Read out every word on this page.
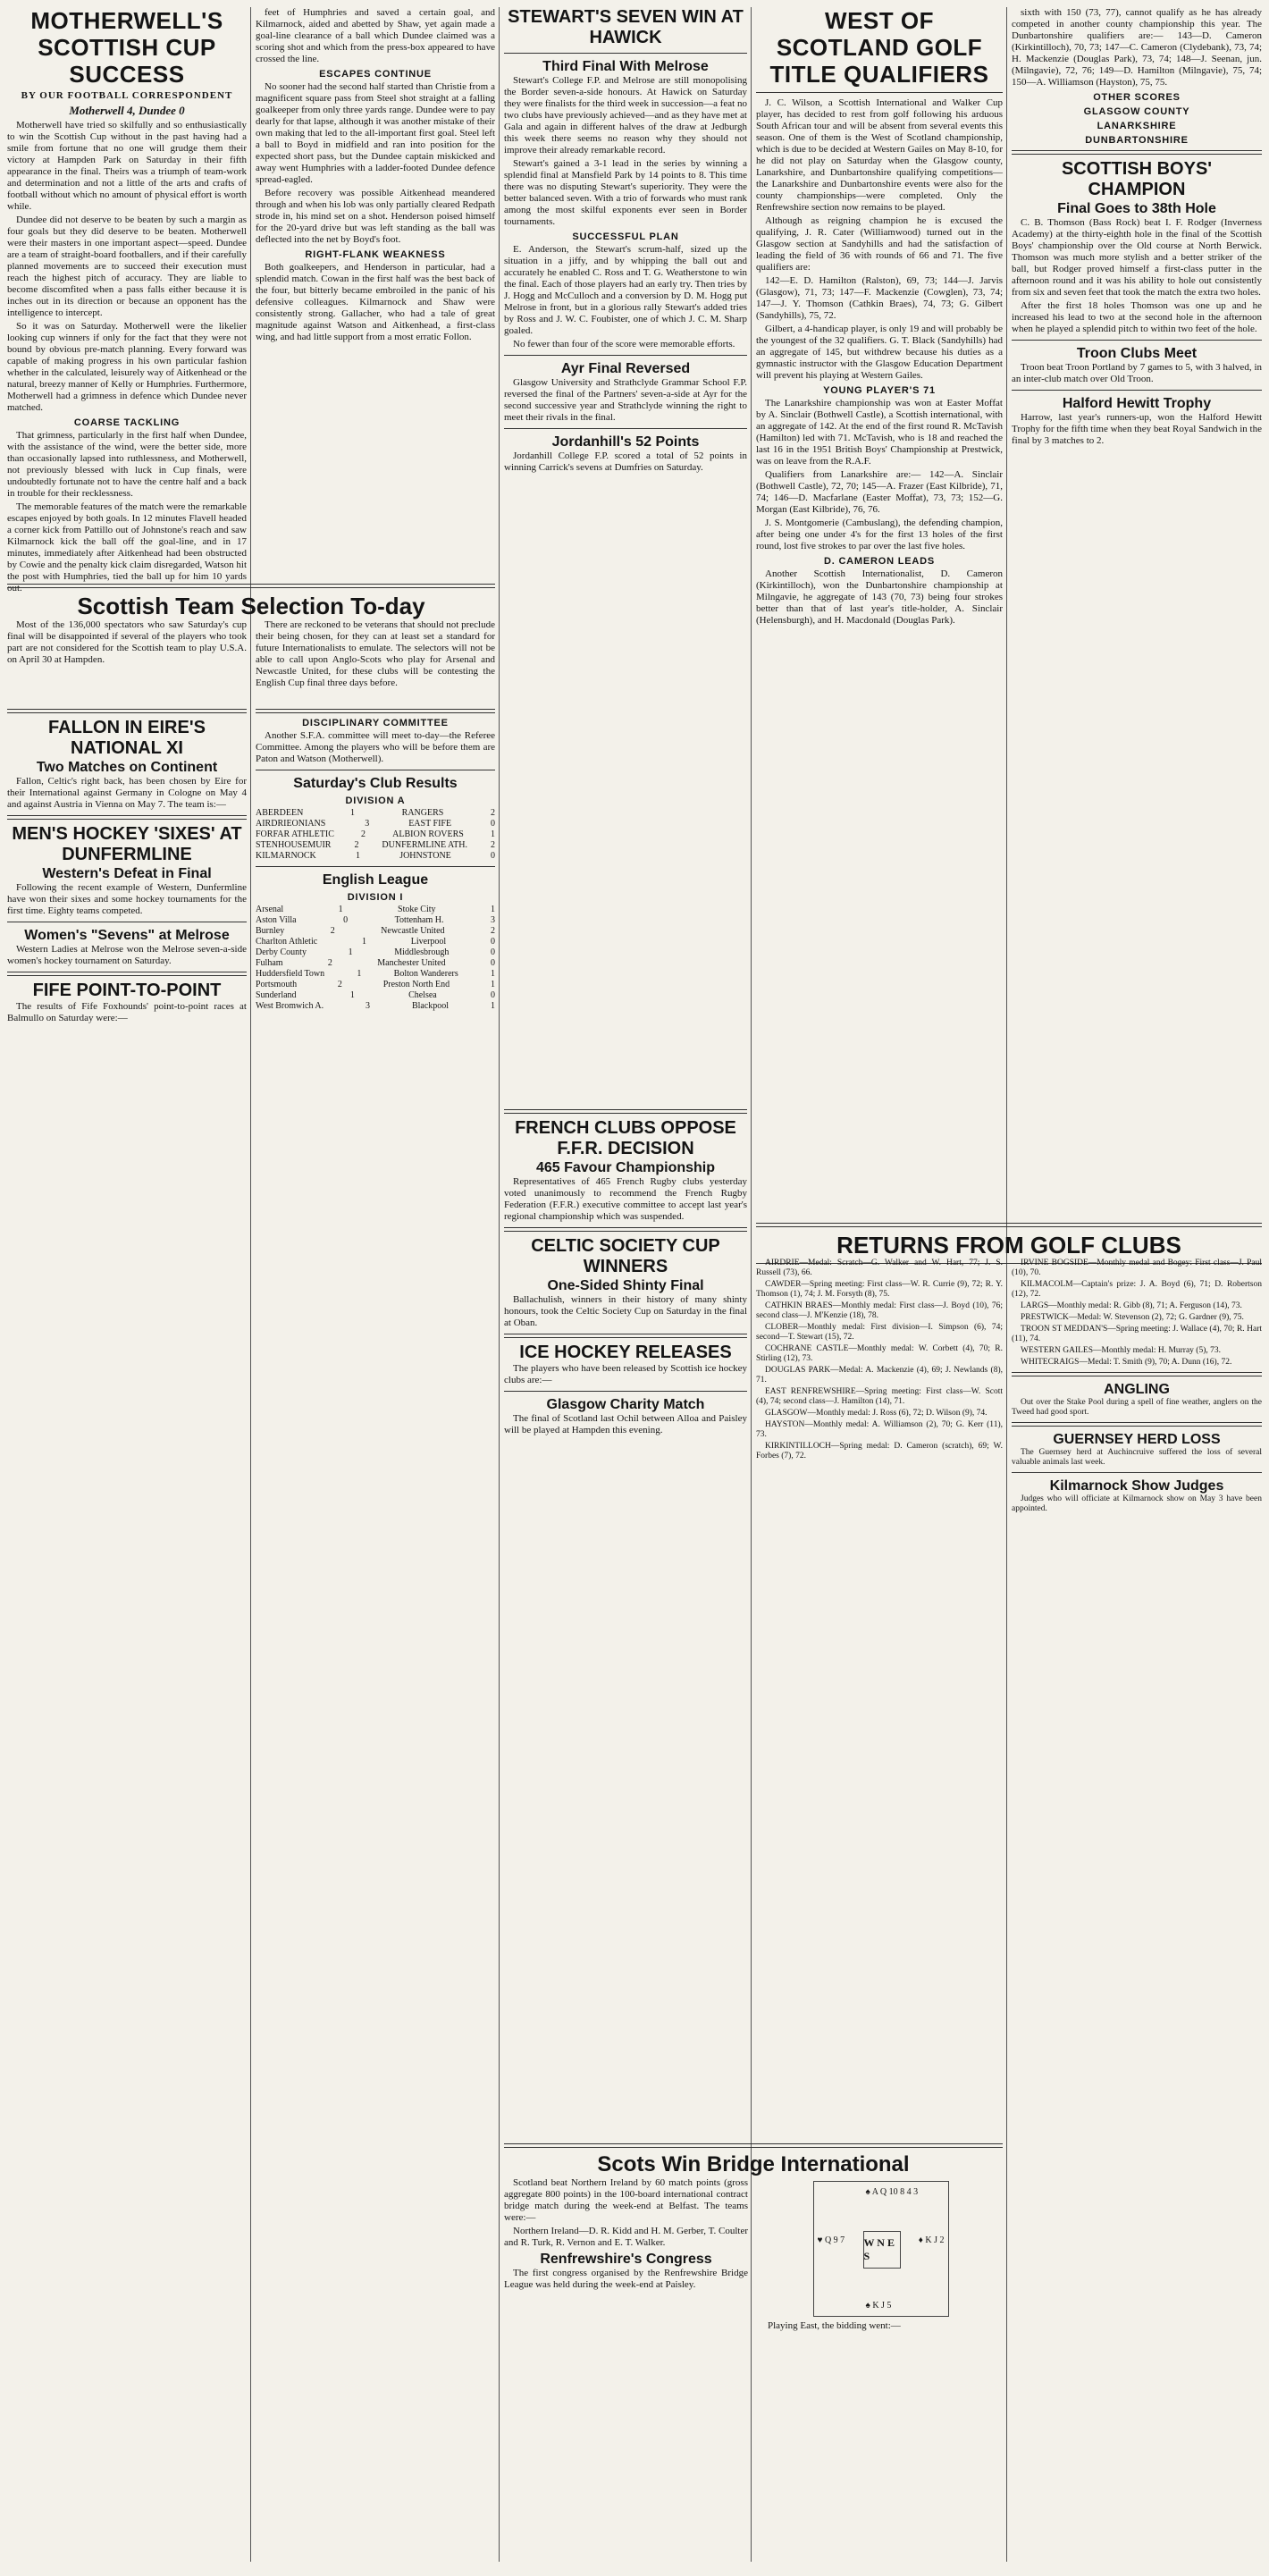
MOTHERWELL'S SCOTTISH CUP SUCCESS
BY OUR FOOTBALL CORRESPONDENT
Motherwell 4, Dundee 0

Motherwell have tried so skilfully and so enthusiastically to win the Scottish Cup without in the past having had a smile from fortune that no one will grudge them their victory at Hampden Park on Saturday in their fifth appearance in the final. Theirs was a triumph of team-work and determination and not a little of the arts and crafts of football without which no amount of physical effort is worth while.

Dundee did not deserve to be beaten by such a margin as four goals but they did deserve to be beaten. Motherwell were their masters in one important aspect—speed. Dundee are a team of straight-board footballers, and if their carefully planned movements are to succeed their execution must reach the highest pitch of accuracy. They are liable to become discomfited when a pass falls either because it is inches out in its direction or because an opponent has the intelligence to intercept.

So it was on Saturday. Motherwell were the likelier looking cup winners if only for the fact that they were not bound by obvious pre-match planning. Every forward was capable of making progress in his own particular fashion whether in the calculated, leisurely way of Aitkenhead or the natural, breezy manner of Kelly or Humphries. Furthermore, Motherwell had a grimness in defence which Dundee never matched.

COARSE TACKLING

That grimness, particularly in the first half when Dundee, with the assistance of the wind, were the better side, more than occasionally lapsed into ruthlessness, and Motherwell, not previously blessed with luck in Cup finals, were undoubtedly fortunate not to have the centre half and a back in trouble for their recklessness.

The memorable features of the match were the remarkable escapes enjoyed by both goals. In 12 minutes Flavell headed a corner kick from Pattillo out of Johnstone's reach and saw Kilmarnock kick the ball off the goal-line, and in 17 minutes, immediately after Aitkenhead had been obstructed by Cowie and the penalty kick claim disregarded, Watson hit the post with Humphries, tied the ball up for him 10 yards out.

feet of Humphries and saved a certain goal, and Kilmarnock, aided and abetted by Shaw, yet again made a goal-line clearance of a ball which Dundee claimed was a scoring shot and which from the press-box appeared to have crossed the line.

ESCAPES CONTINUE

No sooner had the second half started than Christie from a magnificent square pass from Steel shot straight at a falling goalkeeper from only three yards range. Dundee were to pay dearly for that lapse, although it was another mistake of their own making that led to the all-important first goal. Steel left a ball to Boyd in midfield and ran into position for the expected short pass, but the Dundee captain miskicked and away went Humphries with a ladder-footed Dundee defence spread-eagled.

Before recovery was possible Aitkenhead meandered through and when his lob was only partially cleared Redpath strode in, his mind set on a shot. Henderson poised himself for the 20-yard drive but was left standing as the ball was deflected into the net by Boyd's foot.

RIGHT-FLANK WEAKNESS

Both goalkeepers, and Henderson in particular, had a splendid match. Cowan in the first half was the best back of the four, but bitterly became embroiled in the panic of his defensive colleagues. Kilmarnock and Shaw were consistently strong. Gallacher, who had a tale of great magnitude against Watson and Aitkenhead, a first-class wing, and had little support from a most erratic Follon.

STEWART'S SEVEN WIN AT HAWICK
Third Final With Melrose

Stewart's College F.P. and Melrose are still monopolising the Border seven-a-side honours. At Hawick on Saturday they were finalists for the third week in succession—a feat no two clubs have previously achieved—and as they have met at Gala and again in different halves of the draw at Jedburgh this week there seems no reason why they should not improve their already remarkable record.

Stewart's gained a 3-1 lead in the series by winning a splendid final at Mansfield Park by 14 points to 8. This time there was no disputing Stewart's superiority. They were the better balanced seven. With a trio of forwards who must rank among the most skilful exponents ever seen in Border tournaments.

SUCCESSFUL PLAN

E. Anderson, the Stewart's scrum-half, sized up the situation in a jiffy, and by whipping the ball out and accurately he enabled C. Ross and T. G. Weatherstone to win the final. Each of those players had an early try. Then tries by J. Hogg and McCulloch and a conversion by D. M. Hogg put Melrose in front, but in a glorious rally Stewart's added tries by Ross and J. W. C. Foubister, one of which J. C. M. Sharp goaled.

No fewer than four of the score were memorable efforts.

Ayr Final Reversed

Glasgow University and Strathclyde Grammar School F.P. reversed the final of the Partners' seven-a-side at Ayr for the second successive year and Strathclyde winning the right to meet their rivals in the final.

Jordanhill's 52 Points

Jordanhill College F.P. scored a total of 52 points in winning Carrick's sevens at Dumfries on Saturday.

WEST OF SCOTLAND GOLF TITLE QUALIFIERS

J. C. Wilson, a Scottish International and Walker Cup player, has decided to rest from golf following his arduous South African tour and will be absent from several events this season. One of them is the West of Scotland championship, which is due to be decided at Western Gailes on May 8-10, for he did not play on Saturday when the Glasgow county, Lanarkshire, and Dunbartonshire qualifying competitions—the Lanarkshire and Dunbartonshire events were also for the county championships—were completed. Only the Renfrewshire section now remains to be played.

Although as reigning champion he is excused the qualifying, J. R. Cater (Williamwood) turned out in the Glasgow section at Sandyhills and had the satisfaction of leading the field of 36 with rounds of 66 and 71. The five qualifiers are:

142—E. D. Hamilton (Ralston), 69, 73; 144—J. Jarvis (Glasgow), 71, 73; 147—F. Mackenzie (Cowglen), 73, 74; 147—J. Y. Thomson (Cathkin Braes), 74, 73; G. Gilbert (Sandyhills), 75, 72.

Gilbert, a 4-handicap player, is only 19 and will probably be the youngest of the 32 qualifiers. G. T. Black (Sandyhills) had an aggregate of 145, but withdrew because his duties as a gymnastic instructor with the Glasgow Education Department will prevent his playing at Western Gailes.

YOUNG PLAYER'S 71

The Lanarkshire championship was won at Easter Moffat by A. Sinclair (Bothwell Castle), a Scottish international, with an aggregate of 142. At the end of the first round R. McTavish (Hamilton) led with 71. McTavish, who is 18 and reached the last 16 in the 1951 British Boys' Championship at Prestwick, was on leave from the R.A.F.

Qualifiers from Lanarkshire are:— 142—A. Sinclair (Bothwell Castle), 72, 70; 145—A. Frazer (East Kilbride), 71, 74; 146—D. Macfarlane (Easter Moffat), 73, 73; 152—G. Morgan (East Kilbride), 76, 76.

J. S. Montgomerie (Cambuslang), the defending champion, after being one under 4's for the first 13 holes of the first round, lost five strokes to par over the last five holes.

D. CAMERON LEADS

Another Scottish Internationalist, D. Cameron (Kirkintilloch), won the Dunbartonshire championship at Milngavie, he aggregate of 143 (70, 73) being four strokes better than that of last year's title-holder, A. Sinclair (Helensburgh), and H. Macdonald (Douglas Park).

sixth with 150 (73, 77), cannot qualify as he has already competed in another county championship this year. The Dunbartonshire qualifiers are:— 143—D. Cameron (Kirkintilloch), 70, 73; 147—C. Cameron (Clydebank), 73, 74; H. Mackenzie (Douglas Park), 73, 74; 148—J. Seenan, jun. (Milngavie), 72, 76; 149—D. Hamilton (Milngavie), 75, 74; 150—A. Williamson (Hayston), 75, 75.

OTHER SCORES
GLASGOW COUNTY
LANARKSHIRE
DUNBARTONSHIRE
SCOTTISH BOYS' CHAMPION
Final Goes to 38th Hole

C. B. Thomson (Bass Rock) beat I. F. Rodger (Inverness Academy) at the thirty-eighth hole in the final of the Scottish Boys' championship over the Old course at North Berwick. Thomson was much more stylish and a better striker of the ball, but Rodger proved himself a first-class putter in the afternoon round and it was his ability to hole out consistently from six and seven feet that took the match the extra two holes.

After the first 18 holes Thomson was one up and he increased his lead to two at the second hole in the afternoon when he played a splendid pitch to within two feet of the hole.

Troon Clubs Meet

Troon beat Troon Portland by 7 games to 5, with 3 halved, in an inter-club match over Old Troon.

Halford Hewitt Trophy

Harrow, last year's runners-up, won the Halford Hewitt Trophy for the fifth time when they beat Royal Sandwich in the final by 3 matches to 2.

Scottish Team Selection To-day

Most of the 136,000 spectators who saw Saturday's cup final will be disappointed if several of the players who took part are not considered for the Scottish team to play U.S.A. on April 30 at Hampden.

There are reckoned to be veterans that should not preclude their being chosen, for they can at least set a standard for future Internationalists to emulate. The selectors will not be able to call upon Anglo-Scots who play for Arsenal and Newcastle United, for these clubs will be contesting the English Cup final three days before.

FALLON IN EIRE'S NATIONAL XI
Two Matches on Continent

Fallon, Celtic's right back, has been chosen by Eire for their International against Germany in Cologne on May 4 and against Austria in Vienna on May 7. The team is:—

MEN'S HOCKEY 'SIXES' AT DUNFERMLINE
Western's Defeat in Final

Following the recent example of Western, Dunfermline have won their sixes and some hockey tournaments for the first time. Eighty teams competed.

Women's "Sevens" at Melrose

Western Ladies at Melrose won the Melrose seven-a-side women's hockey tournament on Saturday.

FIFE POINT-TO-POINT

The results of Fife Foxhounds' point-to-point races at Balmullo on Saturday were:—

DISCIPLINARY COMMITTEE

Another S.F.A. committee will meet to-day—the Referee Committee. Among the players who will be before them are Paton and Watson (Motherwell).

Saturday's Club Results
DIVISION A
ABERDEEN	1	RANGERS	2
AIRDRIEONIANS	3	EAST FIFE	0
FORFAR ATHLETIC	2	ALBION ROVERS	1
STENHOUSEMUIR	2	DUNFERMLINE ATH.	2
KILMARNOCK	1	JOHNSTONE	0
English League
DIVISION I
Arsenal	1	Stoke City	1
Aston Villa	0	Tottenham H.	3
Burnley	2	Newcastle United	2
Charlton Athletic	1	Liverpool	0
Derby County	1	Middlesbrough	0
Fulham	2	Manchester United	0
Huddersfield Town	1	Bolton Wanderers	1
Portsmouth	2	Preston North End	1
Sunderland	1	Chelsea	0
West Bromwich A.	3	Blackpool	1
FRENCH CLUBS OPPOSE F.F.R. DECISION
465 Favour Championship

Representatives of 465 French Rugby clubs yesterday voted unanimously to recommend the French Rugby Federation (F.F.R.) executive committee to accept last year's regional championship which was suspended.

CELTIC SOCIETY CUP WINNERS
One-Sided Shinty Final

Ballachulish, winners in their history of many shinty honours, took the Celtic Society Cup on Saturday in the final at Oban.

ICE HOCKEY RELEASES

The players who have been released by Scottish ice hockey clubs are:—

Glasgow Charity Match

The final of Scotland last Ochil between Alloa and Paisley will be played at Hampden this evening.

RETURNS FROM GOLF CLUBS

AIRDRIE—Medal: Scratch—G. Walker and W. Hart, 77; J. S. Russell (73), 66.

CAWDER—Spring meeting: First class—W. R. Currie (9), 72; R. Y. Thomson (1), 74; J. M. Forsyth (8), 75.

CATHKIN BRAES—Monthly medal: First class—J. Boyd (10), 76; second class—J. M'Kenzie (18), 78.

CLOBER—Monthly medal: First division—I. Simpson (6), 74; second—T. Stewart (15), 72.

COCHRANE CASTLE—Monthly medal: W. Corbett (4), 70; R. Stirling (12), 73.

DOUGLAS PARK—Medal: A. Mackenzie (4), 69; J. Newlands (8), 71.

EAST RENFREWSHIRE—Spring meeting: First class—W. Scott (4), 74; second class—J. Hamilton (14), 71.

GLASGOW—Monthly medal: J. Ross (6), 72; D. Wilson (9), 74.

HAYSTON—Monthly medal: A. Williamson (2), 70; G. Kerr (11), 73.

KIRKINTILLOCH—Spring medal: D. Cameron (scratch), 69; W. Forbes (7), 72.

IRVINE BOGSIDE—Monthly medal and Bogey: First class—J. Paul (10), 70.

KILMACOLM—Captain's prize: J. A. Boyd (6), 71; D. Robertson (12), 72.

LARGS—Monthly medal: R. Gibb (8), 71; A. Ferguson (14), 73.

PRESTWICK—Medal: W. Stevenson (2), 72; G. Gardner (9), 75.

TROON ST MEDDAN'S—Spring meeting: J. Wallace (4), 70; R. Hart (11), 74.

WESTERN GAILES—Monthly medal: H. Murray (5), 73.

WHITECRAIGS—Medal: T. Smith (9), 70; A. Dunn (16), 72.

ANGLING

Out over the Stake Pool during a spell of fine weather, anglers on the Tweed had good sport.

GUERNSEY HERD LOSS

The Guernsey herd at Auchincruive suffered the loss of several valuable animals last week.

Kilmarnock Show Judges

Judges who will officiate at Kilmarnock show on May 3 have been appointed.

Scots Win Bridge International

Scotland beat Northern Ireland by 60 match points (gross aggregate 800 points) in the 100-board international contract bridge match during the week-end at Belfast. The teams were:—

Northern Ireland—D. R. Kidd and H. M. Gerber, T. Coulter and R. Turk, R. Vernon and E. T. Walker.

Renfrewshire's Congress

The first congress organised by the Renfrewshire Bridge League was held during the week-end at Paisley.

♠ A Q 10 8 4 3
♥ Q 9 7 W N E S
♦ K J 2
♠ K J 5

Playing East, the bidding went:—
